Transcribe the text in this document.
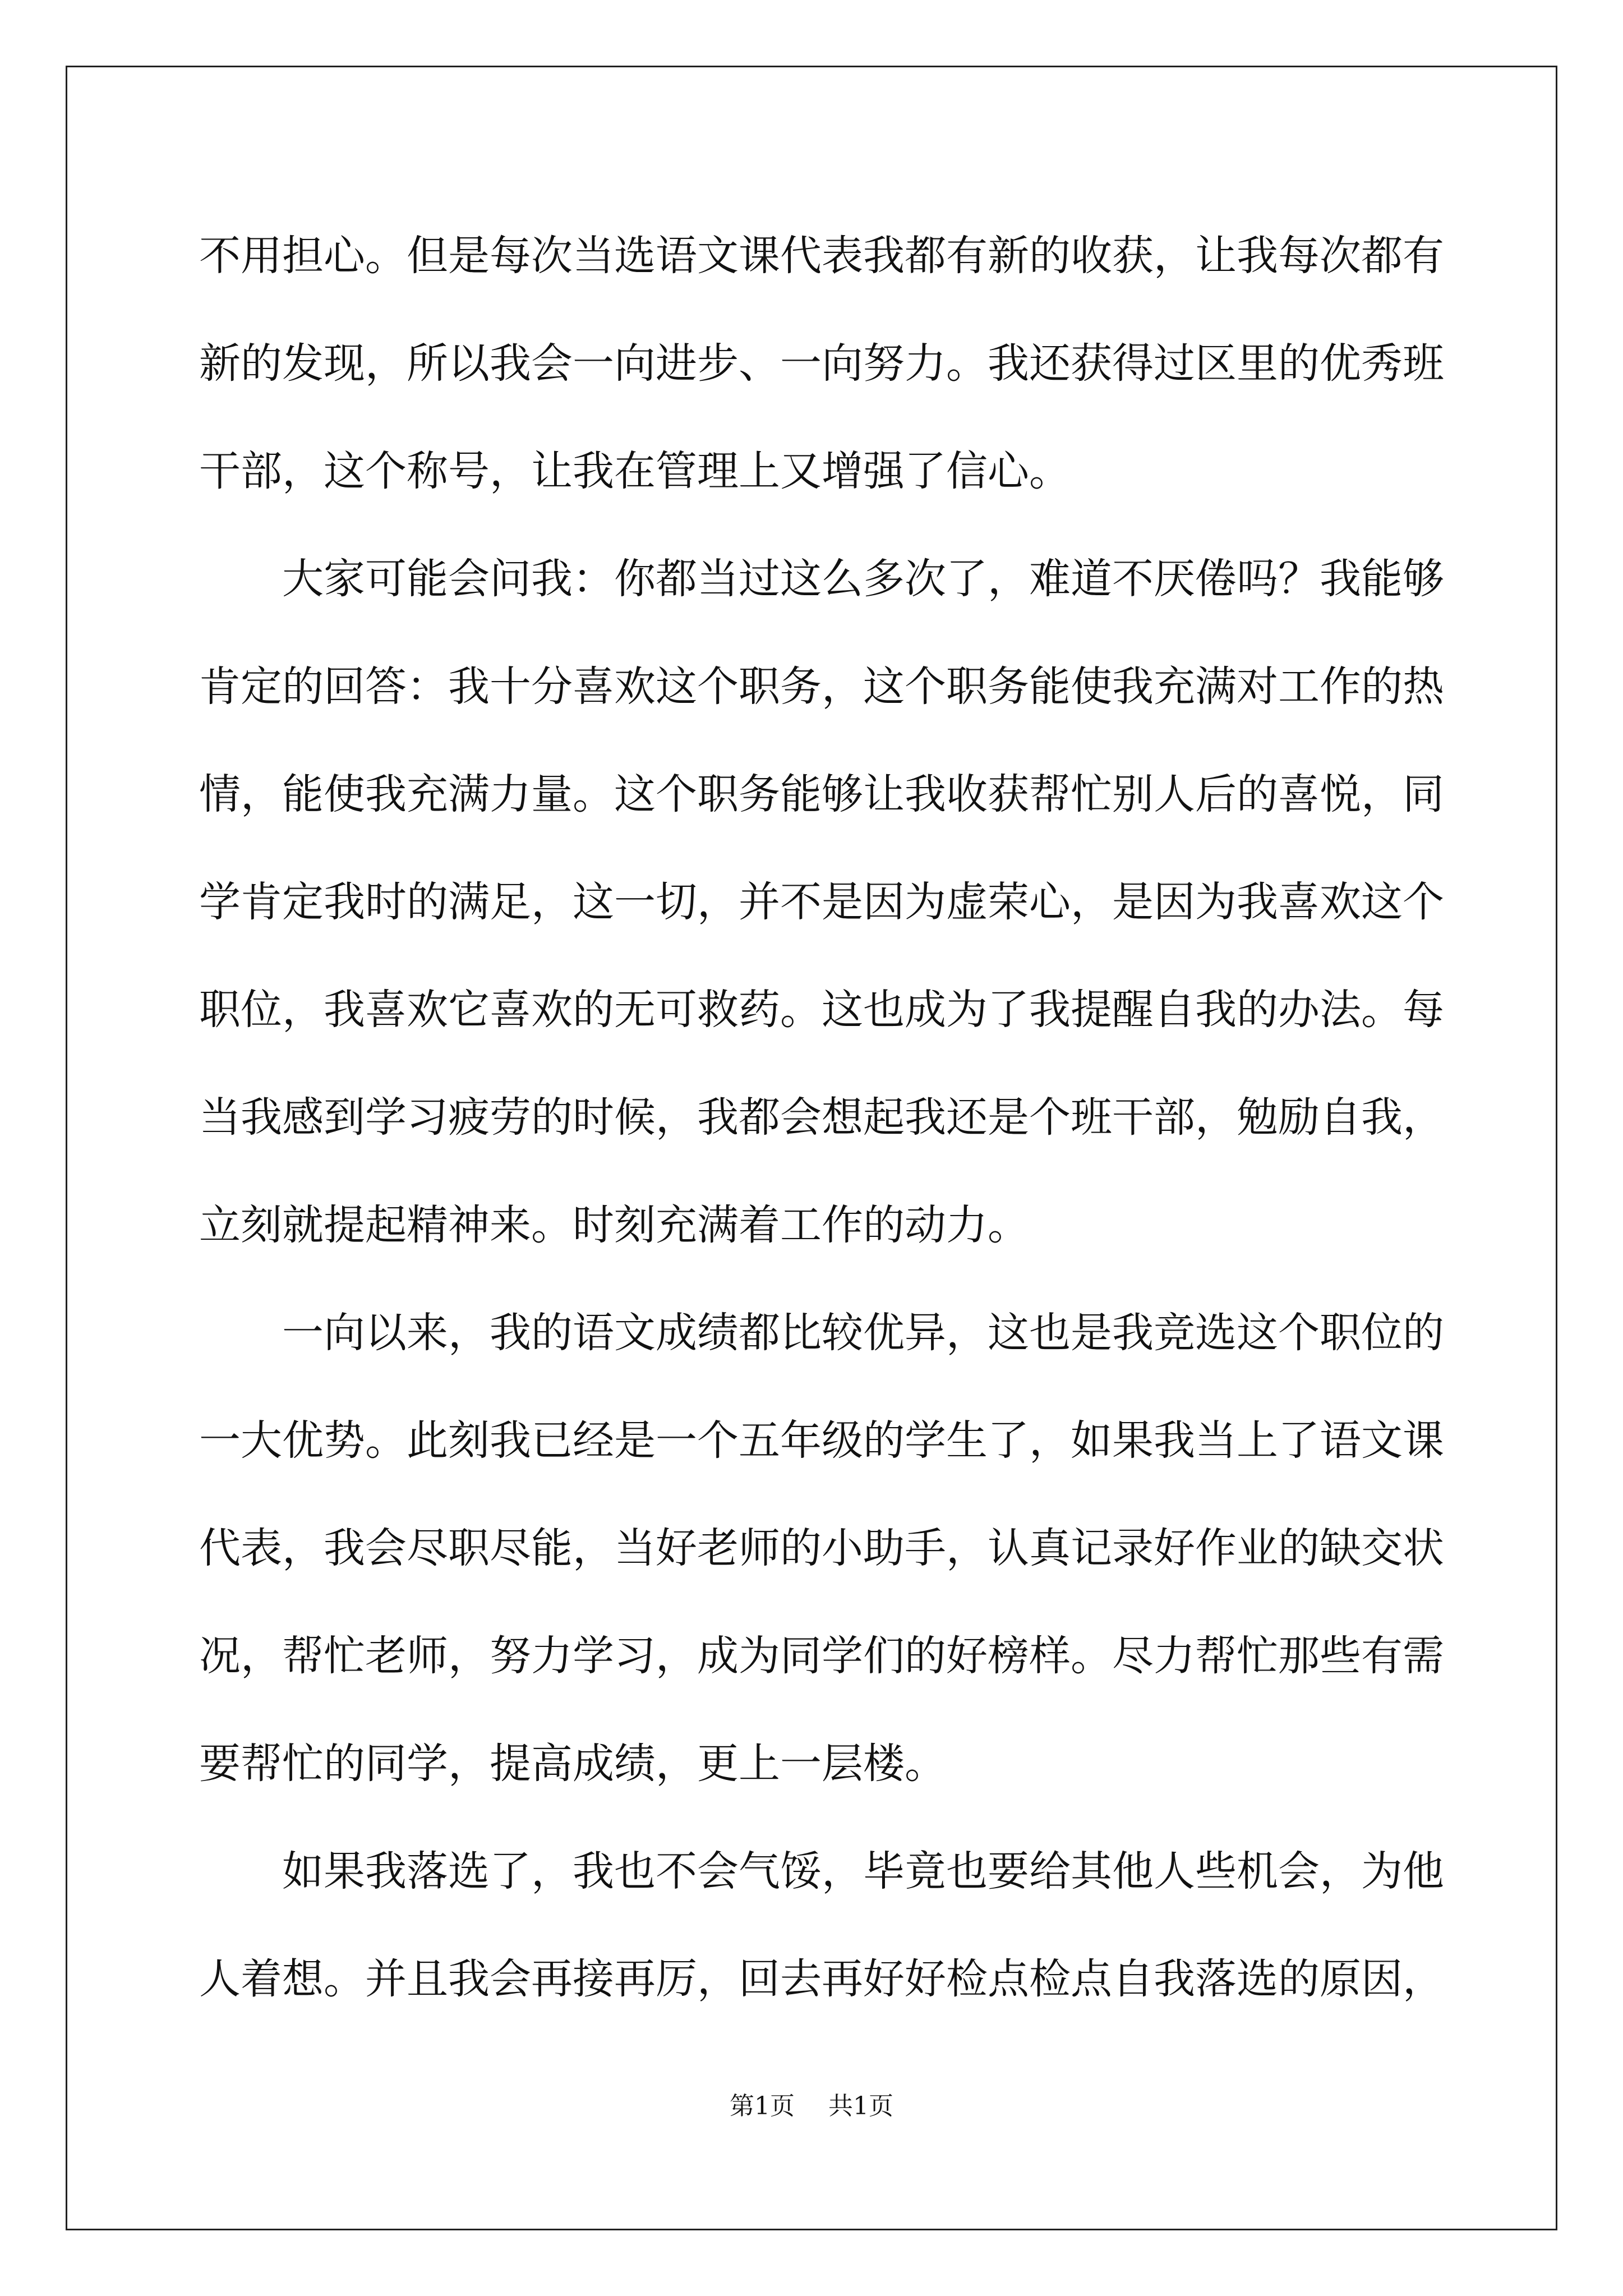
不用担心。但是每次当选语文课代表我都有新的收获，让我每次都有
新的发现，所以我会一向进步、一向努力。我还获得过区里的优秀班
干部，这个称号，让我在管理上又增强了信心。
大家可能会问我：你都当过这么多次了，难道不厌倦吗？我能够
肯定的回答：我十分喜欢这个职务，这个职务能使我充满对工作的热
情，能使我充满力量。这个职务能够让我收获帮忙别人后的喜悦，同
学肯定我时的满足，这一切，并不是因为虚荣心，是因为我喜欢这个
职位，我喜欢它喜欢的无可救药。这也成为了我提醒自我的办法。每
当我感到学习疲劳的时候，我都会想起我还是个班干部，勉励自我，
立刻就提起精神来。时刻充满着工作的动力。
一向以来，我的语文成绩都比较优异，这也是我竞选这个职位的
一大优势。此刻我已经是一个五年级的学生了，如果我当上了语文课
代表，我会尽职尽能，当好老师的小助手，认真记录好作业的缺交状
况，帮忙老师，努力学习，成为同学们的好榜样。尽力帮忙那些有需
要帮忙的同学，提高成绩，更上一层楼。
如果我落选了，我也不会气馁，毕竟也要给其他人些机会，为他
人着想。并且我会再接再厉，回去再好好检点检点自我落选的原因，
第1页 共1页
